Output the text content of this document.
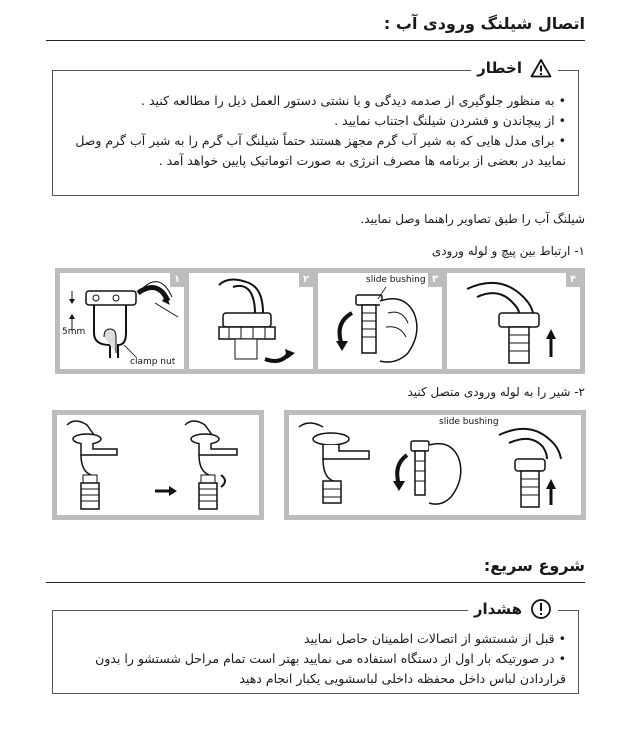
اتصال شیلنگ ورودی آب :
اخطار
• به منظور جلوگیری از صدمه دیدگی و یا نشتی دستور العمل ذیل را مطالعه کنید .
• از پیچاندن و فشردن شیلنگ اجتناب نمایید .
• برای مدل هایی که به شیر آب گرم مجهز هستند حتماً شیلنگ آب گرم را به شیر آب گرم وصل نمایید در بعضی از برنامه ها مصرف انرژی به صورت اتوماتیک پایین خواهد آمد .
شیلنگ آب را طبق تصاویر راهنما وصل نمایید.
۱- ارتباط بین پیچ و لوله ورودی
۱
5mm
clamp nut
۲	۳
slide bushing	۴
۲- شیر را به لوله ورودی متصل کنید
slide bushing
شروع سریع:
هشدار
• قبل از شستشو از اتصالات اطمینان حاصل نمایید
• در صورتیکه بار اول از دستگاه استفاده می نمایید بهتر است تمام مراحل شستشو را بدون قراردادن لباس داخل محفظه داخلی لباسشویی یکبار انجام دهید
